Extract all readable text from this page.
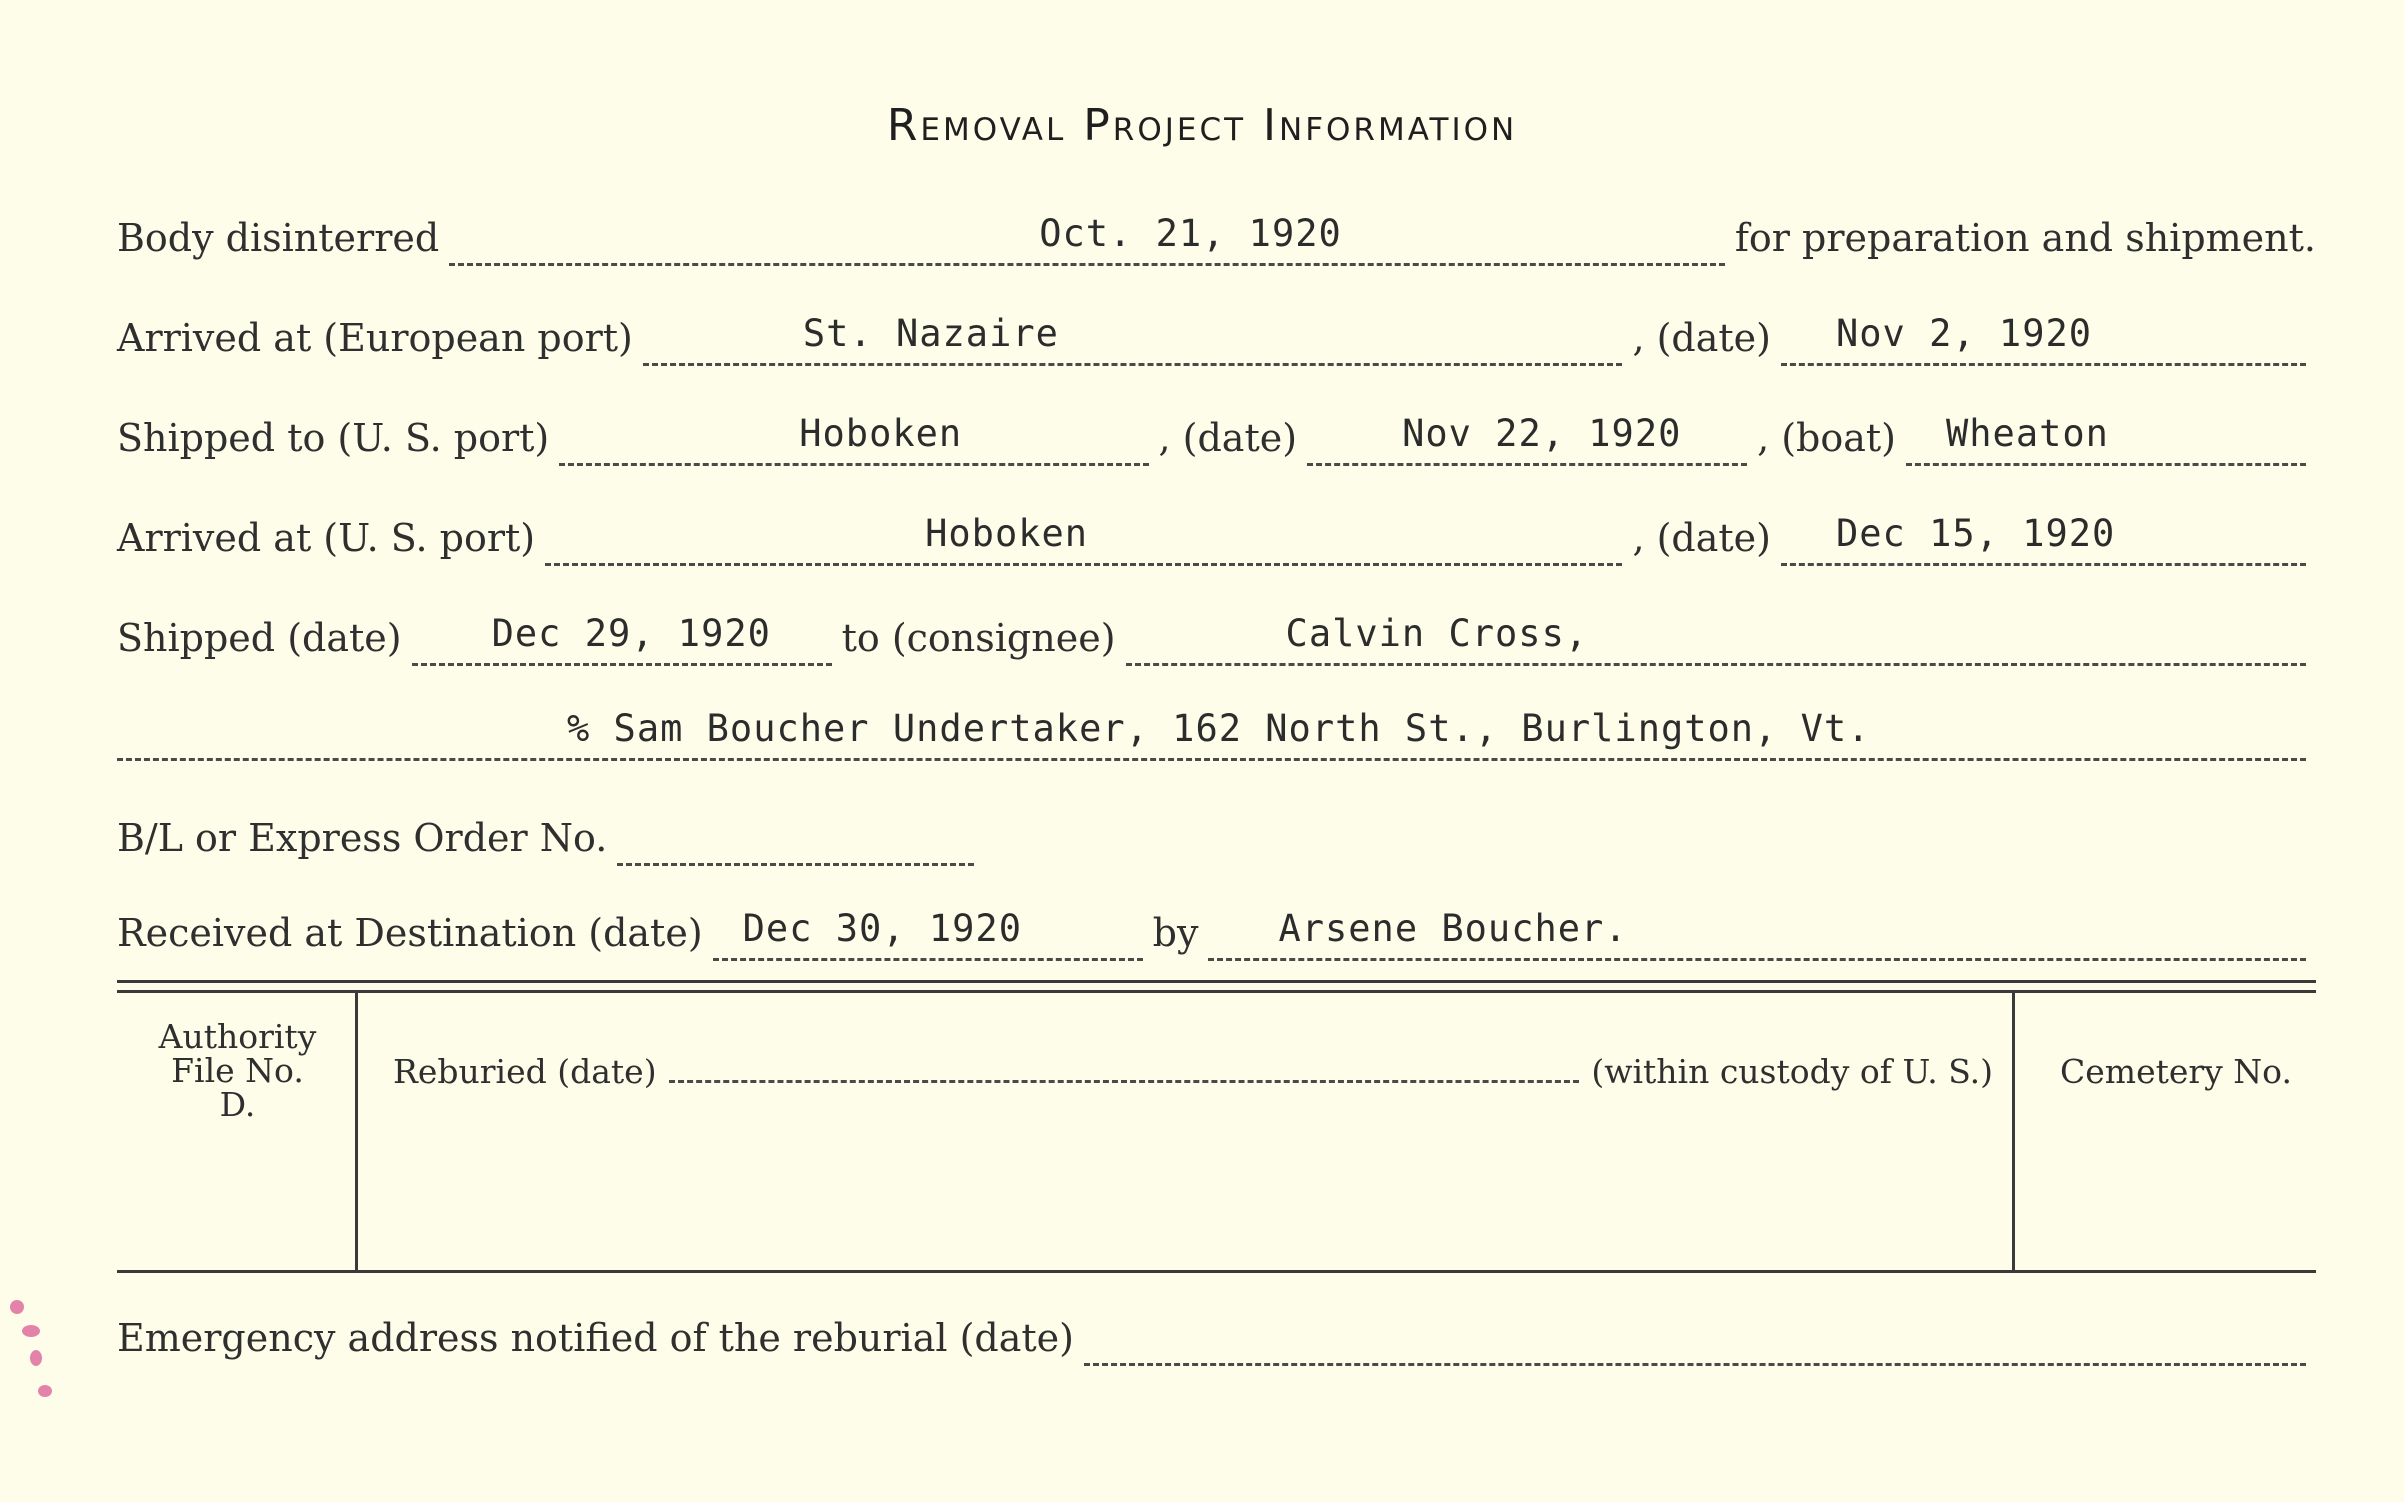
Removal Project Information
Body disinterred	Oct. 21, 1920	for preparation and shipment.
Arrived at (European port)	St. Nazaire	, (date) Nov 2, 1920
Shipped to (U. S. port)	Hoboken	, (date)	Nov 22, 1920 , (boat) Wheaton
Arrived at (U. S. port)	Hoboken	, (date) Dec 15, 1920
Shipped (date) Dec 29, 1920 to (consignee)	Calvin Cross,
% Sam Boucher Undertaker, 162 North St., Burlington, Vt.
B/L or Express Order No.
Received at Destination (date) Dec 30, 1920	by Arsene Boucher.
Authority
File No. D.
Reburied (date)	(within custody of U. S.) Cemetery No.
Emergency address notified of the reburial (date)
